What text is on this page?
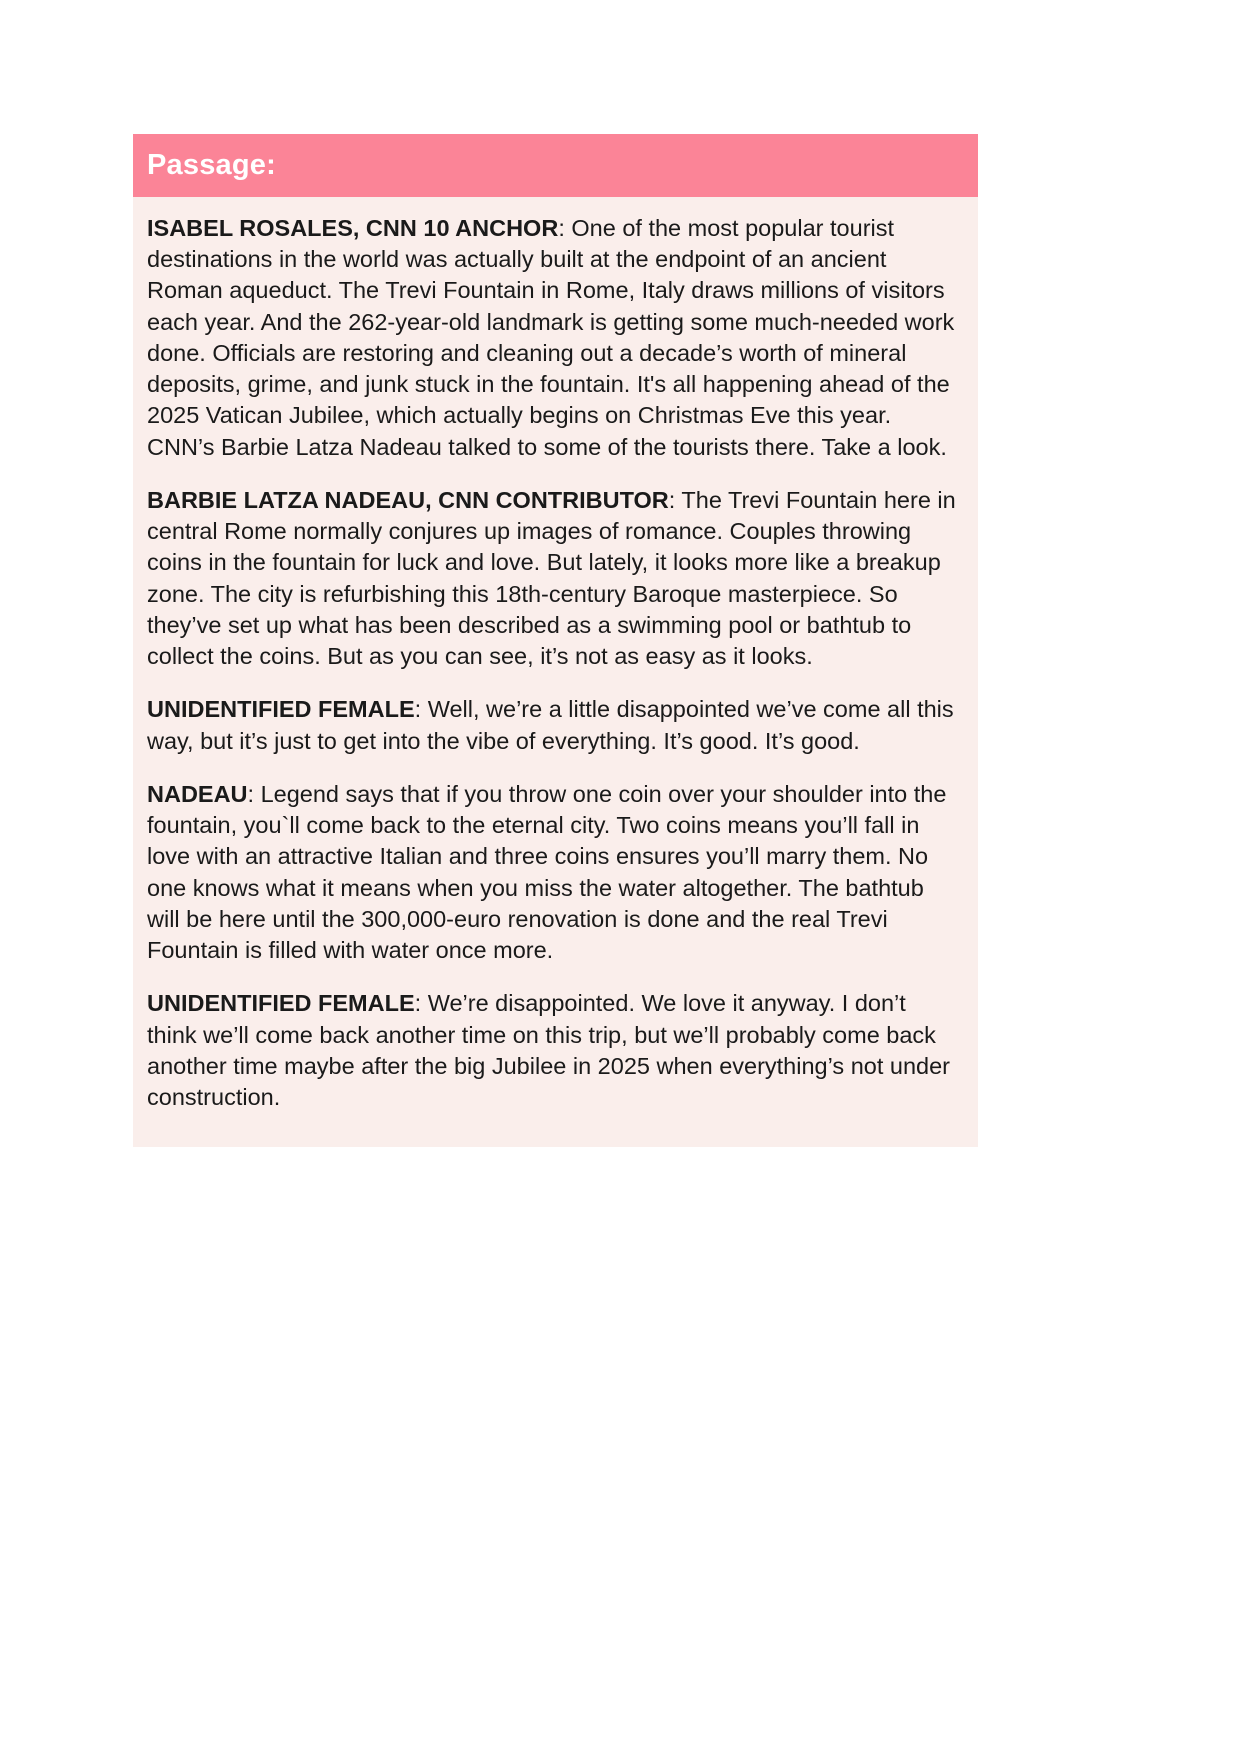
Passage:

ISABEL ROSALES, CNN 10 ANCHOR: One of the most popular tourist destinations in the world was actually built at the endpoint of an ancient Roman aqueduct. The Trevi Fountain in Rome, Italy draws millions of visitors each year. And the 262-year-old landmark is getting some much-needed work done. Officials are restoring and cleaning out a decade’s worth of mineral deposits, grime, and junk stuck in the fountain. It's all happening ahead of the 2025 Vatican Jubilee, which actually begins on Christmas Eve this year. CNN’s Barbie Latza Nadeau talked to some of the tourists there. Take a look.

BARBIE LATZA NADEAU, CNN CONTRIBUTOR: The Trevi Fountain here in central Rome normally conjures up images of romance. Couples throwing coins in the fountain for luck and love. But lately, it looks more like a breakup zone. The city is refurbishing this 18th-century Baroque masterpiece. So they’ve set up what has been described as a swimming pool or bathtub to collect the coins. But as you can see, it’s not as easy as it looks.

UNIDENTIFIED FEMALE: Well, we’re a little disappointed we’ve come all this way, but it’s just to get into the vibe of everything. It’s good. It’s good.

NADEAU: Legend says that if you throw one coin over your shoulder into the fountain, you`ll come back to the eternal city. Two coins means you’ll fall in love with an attractive Italian and three coins ensures you’ll marry them. No one knows what it means when you miss the water altogether. The bathtub will be here until the 300,000-euro renovation is done and the real Trevi Fountain is filled with water once more.

UNIDENTIFIED FEMALE: We’re disappointed. We love it anyway. I don’t think we’ll come back another time on this trip, but we’ll probably come back another time maybe after the big Jubilee in 2025 when everything’s not under construction.
